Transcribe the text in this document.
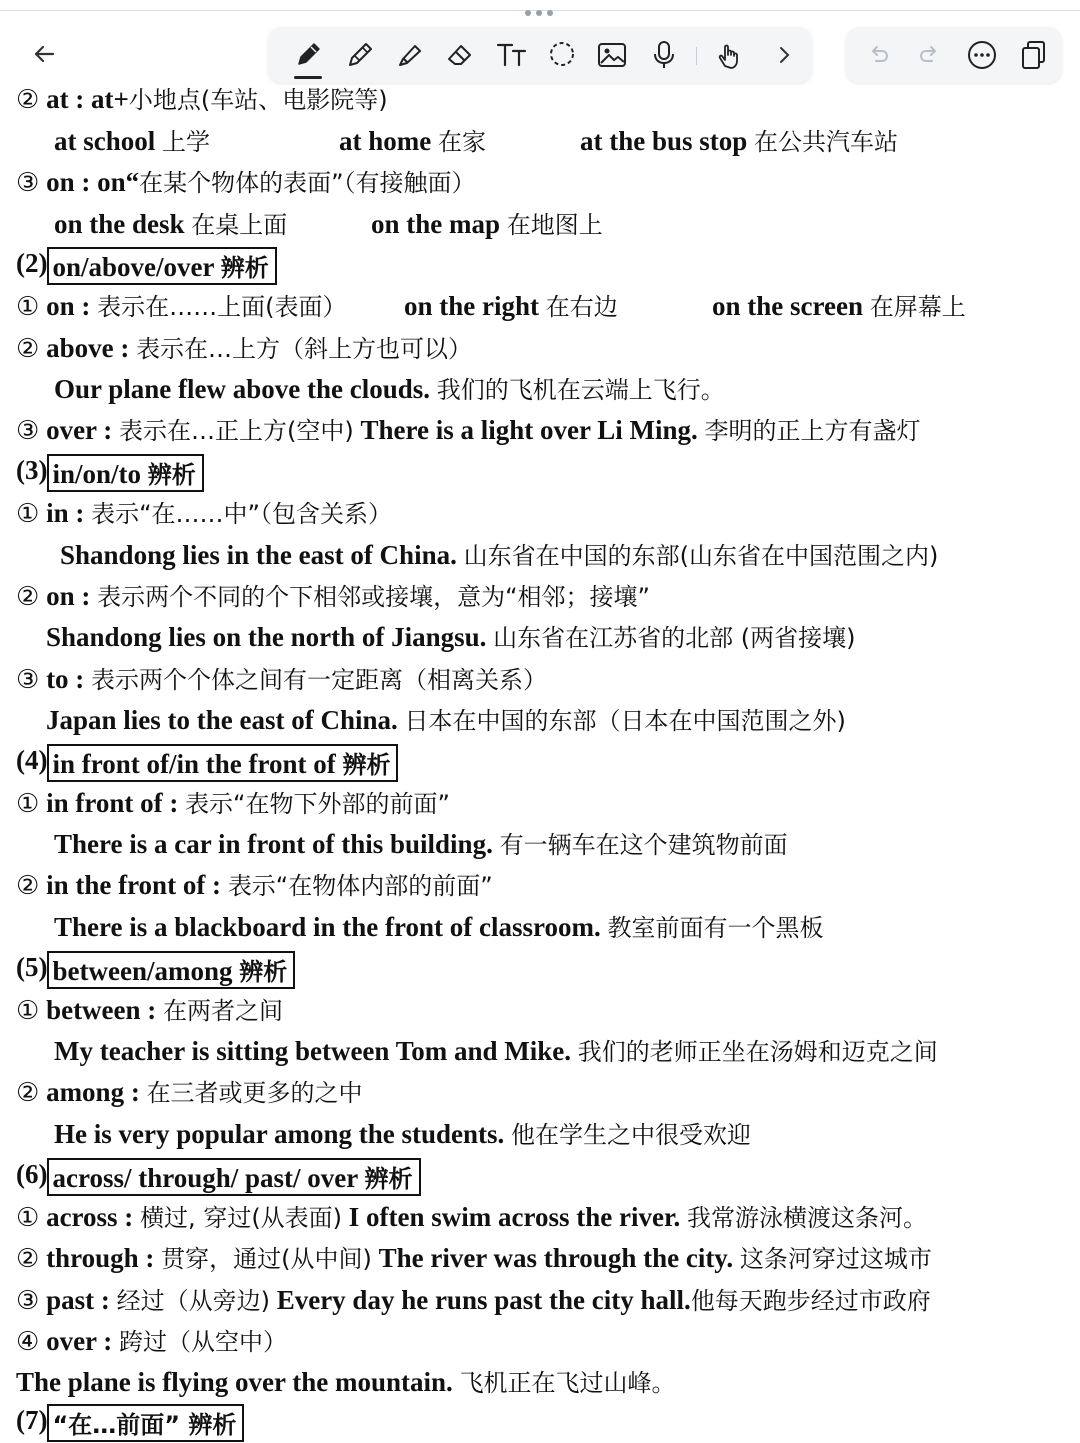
② at : at+小地点(车站、电影院等)
at school 上学	at home 在家	at the bus stop 在公共汽车站
③ on : on“在某个物体的表面”（有接触面）
on the desk 在桌上面	on the map 在地图上
(2) on/above/over 辨析
① on : 表示在……上面(表面） on the right 在右边	on the screen 在屏幕上
② above : 表示在…上方（斜上方也可以）
Our plane flew above the clouds. 我们的飞机在云端上飞行。
③ over : 表示在…正上方(空中) There is a light over Li Ming. 李明的正上方有盏灯
(3) in/on/to 辨析
① in : 表示“在……中”（包含关系）
Shandong lies in the east of China. 山东省在中国的东部(山东省在中国范围之内)
② on : 表示两个不同的个下相邻或接壤，意为“相邻；接壤”
Shandong lies on the north of Jiangsu. 山东省在江苏省的北部 (两省接壤)
③ to : 表示两个个体之间有一定距离（相离关系）
Japan lies to the east of China. 日本在中国的东部（日本在中国范围之外)
(4) in front of/in the front of 辨析
① in front of : 表示“在物下外部的前面”
There is a car in front of this building. 有一辆车在这个建筑物前面
② in the front of : 表示“在物体内部的前面”
There is a blackboard in the front of classroom. 教室前面有一个黑板
(5) between/among 辨析
① between : 在两者之间
My teacher is sitting between Tom and Mike. 我们的老师正坐在汤姆和迈克之间
② among : 在三者或更多的之中
He is very popular among the students. 他在学生之中很受欢迎
(6) across/ through/ past/ over 辨析
① across : 横过, 穿过(从表面) I often swim across the river. 我常游泳横渡这条河。
② through : 贯穿，通过(从中间) The river was through the city. 这条河穿过这城市
③ past : 经过（从旁边) Every day he runs past the city hall.他每天跑步经过市政府
④ over : 跨过（从空中）
The plane is flying over the mountain. 飞机正在飞过山峰。
(7) “在…前面” 辨析
